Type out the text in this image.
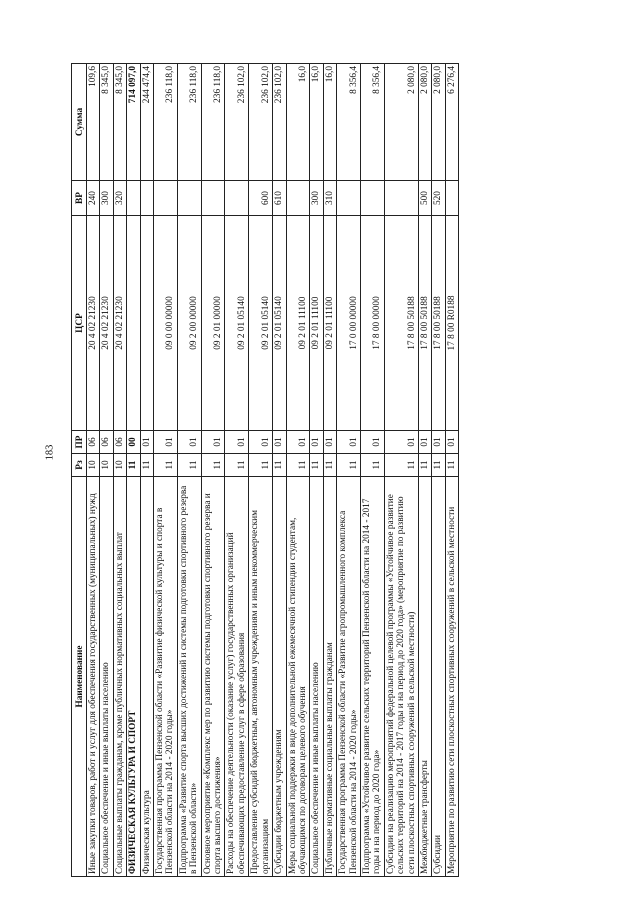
183
Наименование	Рз	ПР	ЦСР	ВР	Сумма
Иные закупки товаров, работ и услуг для обеспечения государственных (муниципальных) нужд	10	06	20 4 02 21230	240	109,6
Социальное обеспечение и иные выплаты населению	10	06	20 4 02 21230	300	8 345,0
Социальные выплаты гражданам, кроме публичных нормативных социальных выплат	10	06	20 4 02 21230	320	8 345,0
ФИЗИЧЕСКАЯ КУЛЬТУРА И СПОРТ	11	00			714 097,0
Физическая культура	11	01			244 474,4
Государственная программа Пензенской области «Развитие физической культуры и спорта в Пензенской области на 2014 - 2020 годы»	11	01	09 0 00 00000		236 118,0
Подпрограмма «Развитие спорта высших достижений и системы подготовки спортивного резерва в Пензенской области»	11	01	09 2 00 00000		236 118,0
Основное мероприятие «Комплекс мер по развитию системы подготовки спортивного резерва и спорта высшего достижения»	11	01	09 2 01 00000		236 118,0
Расходы на обеспечение деятельности (оказание услуг) государственных организаций обеспечивающих предоставление услуг в сфере образования	11	01	09 2 01 05140		236 102,0
Предоставление субсидий бюджетным, автономным учреждениям и иным некоммерческим организациям	11	01	09 2 01 05140	600	236 102,0
Субсидии бюджетным учреждениям	11	01	09 2 01 05140	610	236 102,0
Меры социальной поддержки в виде дополнительной ежемесячной стипендии студентам, обучающимся по договорам целевого обучения	11	01	09 2 01 11100		16,0
Социальное обеспечение и иные выплаты населению	11	01	09 2 01 11100	300	16,0
Публичные нормативные социальные выплаты гражданам	11	01	09 2 01 11100	310	16,0
Государственная программа Пензенской области «Развитие агропромышленного комплекса Пензенской области на 2014 - 2020 годы»	11	01	17 0 00 00000		8 356,4
Подпрограмма «Устойчивое развитие сельских территорий Пензенской области на 2014 - 2017 годы и на период до 2020 года»	11	01	17 8 00 00000		8 356,4
Субсидии на реализацию мероприятий федеральной целевой программы «Устойчивое развитие сельских территорий на 2014 - 2017 годы и на период до 2020 года» (мероприятие по развитию сети плоскостных спортивных сооружений в сельской местности)	11	01	17 8 00 50188		2 080,0
Межбюджетные трансферты	11	01	17 8 00 50188	500	2 080,0
Субсидии	11	01	17 8 00 50188	520	2 080,0
Мероприятие по развитию сети плоскостных спортивных сооружений в сельской местности	11	01	17 8 00 R0188		6 276,4
